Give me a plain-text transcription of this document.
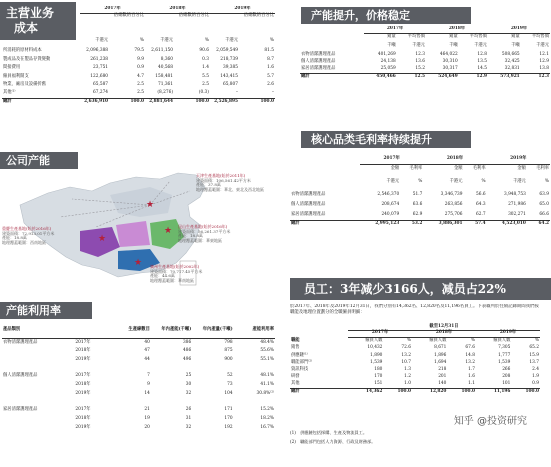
主营业务
成本
	2017年		2018年		2019年	
		佔總數的百分比		佔總數的百分比		佔總數的百分比
	千港元	%	千港元	%	千港元	%
所消耗的原材料成本	2,096,388	79.5	2,611,150	90.6	2,059,549	81.5
製成品及在製品存貨變動	261,238	9.9	8,360	0.3	218,739	8.7
間接費用	23,751	0.9	40,568	1.4	39,385	1.6
僱員福利開支	122,680	4.7	158,481	5.5	143,415	5.7
物業、廠房及設備折舊	65,587	2.5	71,361	2.5	65,807	2.6
其他⁽¹⁾	67,274	2.5	(8,276)	(0.3)	–	–
總計	2,636,910	100.0	2,881,644	100.0	2,526,895	100.0
产能提升，价格稳定
	2017年		2018年		2019年	
	銷量	平均售價	銷量	平均售價	銷量	平均售價
	千噸	千港元	千噸	千港元	千噸	千港元
衣物清潔護理產品	401,269	12.3	464,022	12.8	508,665	12.1
個人清潔護理產品	24,138	13.6	30,310	13.5	32,425	12.9
家居清潔護理產品	25,059	15.2	30,317	14.5	32,831	13.8
總計	450,466	12.5	524,649	12.9	573,921	12.3
核心品类毛利率持续提升
	2017年		2018年		2019年	
	金額	毛利率	金額	毛利率	金額	毛利率
	千港元	%	千港元	%	千港元	%
衣物清潔護理產品	2,546,370	51.7	3,346,739	56.6	3,948,753	63.9
個人清潔護理產品	208,674	63.6	263,856	64.3	271,986	65.0
家居清潔護理產品	240,079	62.9	275,706	62.7	302,271	66.6
總計	2,995,123	53.2	3,886,301	57.4	4,523,010	64.2
公司产能
★
★
★
★
天津生產基地(始於2011年)
建築面積：106,561.42平方米
產能：37.8萬
地理覆蓋範圍：華北、東北及西北地區
昆山生產基地(始於2016年)
建築面積：56,261.37平方米
產能：18.8萬
地理覆蓋範圍：華東地區
重慶生產基地(始於2016年)
建築面積：72,913.01平方米
產能：18.8萬
地理覆蓋範圍：西南地區
廣州生產基地(始於2002年)
建築面積：70,717.45平方米
產能：44.6萬
地理覆蓋範圍：華南地區
产能利用率
產品類別		生產線數目	年內產能(千噸)	年內產量(千噸)	產能利用率
衣物清潔護理產品	2017年	40	386	798	48.4%
	2018年	47	486	875	55.6%
	2019年	44	496	900	55.1%

個人清潔護理產品	2017年	7	25	52	48.1%
	2018年	9	30	73	41.1%
	2019年	14	32	104	30.8%⁽²⁾

家居清潔護理產品	2017年	21	26	171	15.2%
	2018年	19	31	170	18.2%
	2019年	20	32	192	16.7%

员工：3年减少3166人，减员占22%
於2017年、2018年及2019年12月31日，我們分別有14,362名、12,820名及11,196名員工。下表載列於往績記錄期間我們按職能及地理位置劃分的全職僱員明細：
	截至12月31日					
	2017年		2018年		2019年	
職能	僱員人數	%	僱員人數	%	僱員人數	%
銷售	10,432	72.6	8,671	67.6	7,305	65.2
供應鏈⁽¹⁾	1,890	13.2	1,896	14.8	1,777	15.9
職能部門⁽²⁾	1,539	10.7	1,694	13.2	1,539	13.7
資訊科技	180	1.3	218	1.7	266	2.4
研發	170	1.2	201	1.6	208	1.9
其他	151	1.0	140	1.1	101	0.9
總計	14,362	100.0	12,820	100.0	11,196	100.0
(1)　供應鏈包括採購、生產及物流員工。
(2)　職能部門包括人力資源、行政及財務部。
知乎 @投资研究
